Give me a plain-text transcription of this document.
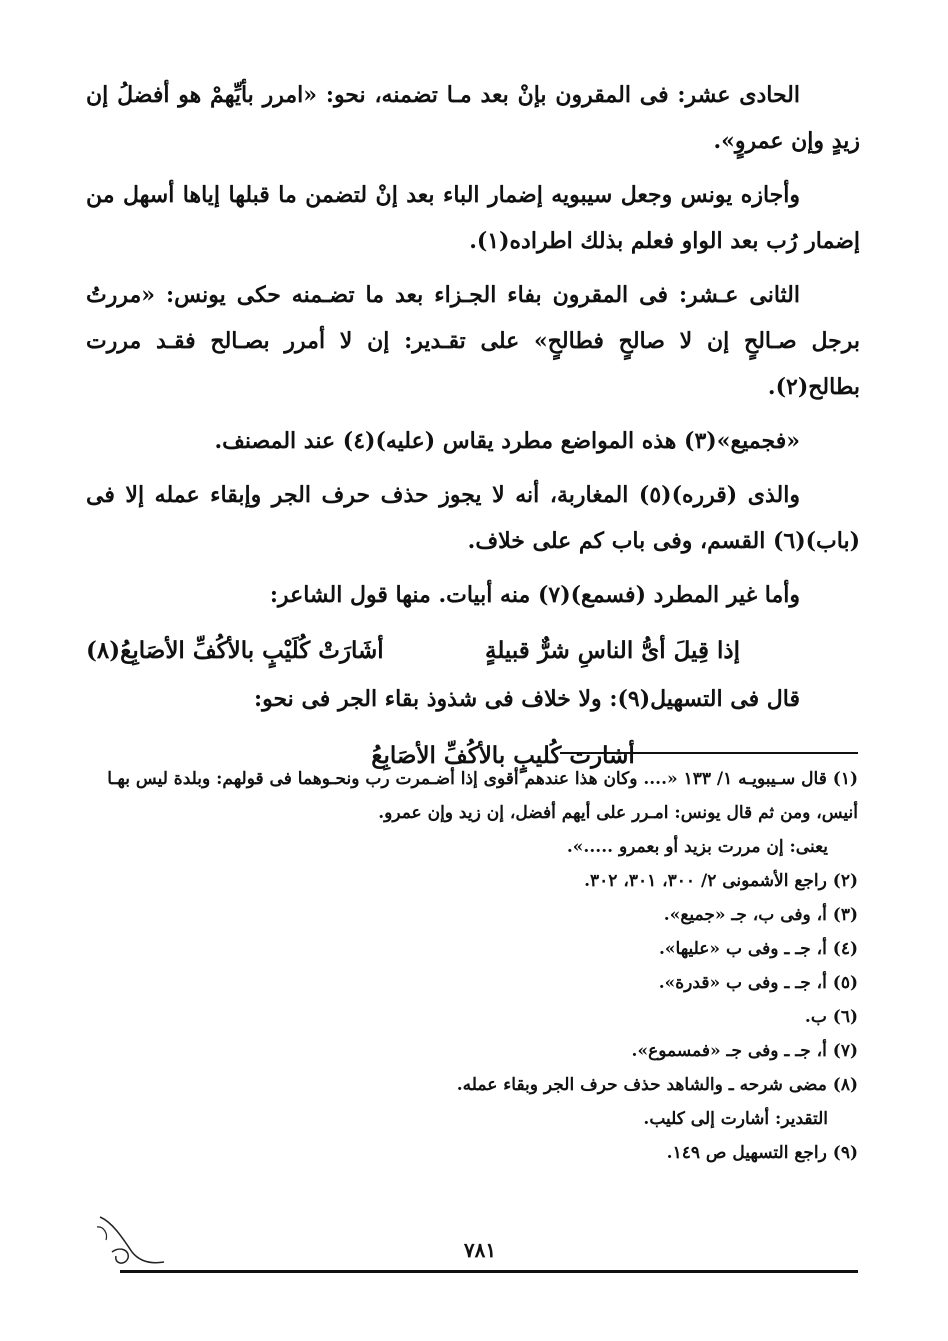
الحادى عشر: فى المقرون بإنْ بعد مـا تضمنه، نحو: «امرر بأيِّهمْ هو أفضلُ إن زيدٍ وإن عمروٍ».

وأجازه يونس وجعل سيبويه إضمار الباء بعد إنْ لتضمن ما قبلها إياها أسهل من إضمار رُب بعد الواو فعلم بذلك اطراده(١).

الثانى عـشر: فى المقرون بفاء الجـزاء بعد ما تضـمنه حكى يونس: «مررتُ برجل صـالحٍ إن لا صالحٍ فطالحٍ» على تقـدير: إن لا أمرر بصـالح فقـد مررت بطالح(٢).

«فجميع»(٣) هذه المواضع مطرد يقاس (عليه)(٤) عند المصنف.

والذى (قرره)(٥) المغاربة، أنه لا يجوز حذف حرف الجر وإبقاء عمله إلا فى (باب)(٦) القسم، وفى باب كم على خلاف.

وأما غير المطرد (فسمع)(٧) منه أبيات. منها قول الشاعر:

إذا قِيلَ أىُّ الناسِ شرٌّ قبيلةٍ
أشَارَتْ كُلَيْبٍ بالأكُفِّ الأصَابِعُ(٨)

قال فى التسهيل(٩): ولا خلاف فى شذوذ بقاء الجر فى نحو:

أشارت كُليبٍ بالأكُفِّ الأصَابِعُ

(١) قال سـيبويـه ١/ ١٣٣ «.... وكان هذا عندهم أقوى إذا أضـمرت رب ونحـوهما فى قولهم: وبلدة ليس بهـا أنيس، ومن ثم قال يونس: امـرر على أيهم أفضل، إن زيد وإن عمرو.

يعنى: إن مررت بزيد أو بعمرو .....».

(٢) راجع الأشمونى ٢/ ٣٠٠، ٣٠١، ٣٠٢.

(٣) أ، وفى ب، جـ «جميع».

(٤) أ، جـ ـ وفى ب «عليها».

(٥) أ، جـ ـ وفى ب «قدرة».

(٦) ب.

(٧) أ، جـ ـ وفى جـ «فمسموع».

(٨) مضى شرحه ـ والشاهد حذف حرف الجر وبقاء عمله.

التقدير: أشارت إلى كليب.

(٩) راجع التسهيل ص ١٤٩.

٧٨١
